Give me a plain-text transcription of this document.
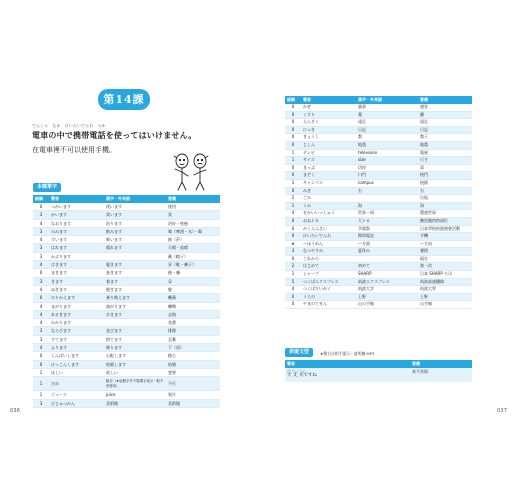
第14課
でんしゃ　なか　けいたいでんわ　つか
電車の中で携帯電話を使ってはいけません。
在電車裡不可以使用手機。
本課單字
語調	聲音	漢字・外來語	意義
0	つかいます	使います	使用
3	かいます	買います	買
4	なおります	治ります	治好・痊癒
3	のみます	飲みます	喝（啤酒・水）・喝
4	すいます	吸います	抽（菸）
3	はれます	晴れます	天晴・放晴
3	かぶります		戴（帽子）
4	はきます	履きます	穿（鞋・褲子）
0	まきます	巻きます	捲・纏
3	きます	着ます	穿
4	ぬぎます	脱ぎます	脫
0	のりかえます	乗り換えます	轉乘
4	まがります	曲がります	轉彎
4	あるきます	歩きます	走路
4	かかります		花費
3	ならびます	並びます	排隊
3	すてます	捨てます	丟棄
4	ふります	降ります	下（雨）
0	しんぱいします	心配します	擔心
0	けっこんします	結婚します	結婚
1	ほしい	欲しい	想要
1	だめ	駄目（★這個字多不寫漢字表示・較不常使用）	不行
1	ジュース	juice	果汁
3	びじゅつかん	美術館	美術館
036	037
語調	聲音	漢字・外來語	意義
0	かぜ	風邪	感冒
0	くすり	薬	藥
0	えんそく	遠足	遠足
0	にっき	日記	日記
0	きょうし	教	教子
0	じしん	地震	地震
1	テレビ	television	電視
1	サイズ	size	尺寸
0	きっぷ	切符	票
0	まぞく	口門	校門
1	キャンパス	campus	校園
0	みぎ	右	右
2	ごみ		垃圾
1	うみ	海	海
4	せかいいっしゅう	世界一周	環遊世界
0	おねトロ	大トロ	鮪魚腹肉的部位
0	がくえんさい	学園祭	日本學校的園遊會活動
0	けいたいでんわ	携帯電話	手機
★	〜ほうめん	〜方面	〜方向
3	なつやすみ	夏休み	暑假
0	これから		現在
2	はじめて	初めて	第一次
1	シャープ	SHARP	日本 SHARP 公司
5	つくばエクスプレス	筑波エクスプレス	筑波高速鐵路
4	つくばだいがく	筑波大学	筑波大學
0	うえの	上野	上野
0	やまのてせん	山の手線	山手線
表現文型	★整合自相手提示・請所聽 MP3
聲音	意義

だいじょうぶ
大 丈 夫ですね	真不苦耶
